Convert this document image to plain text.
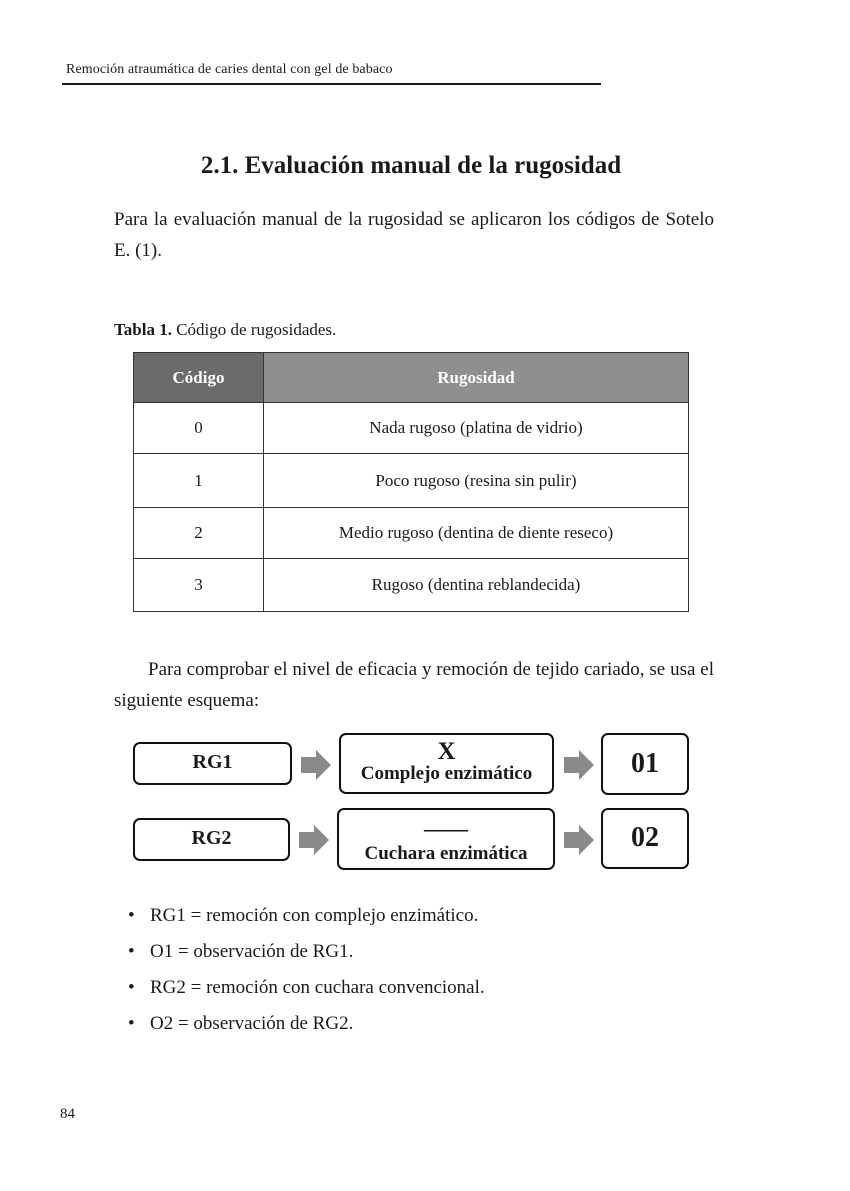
Remoción atraumática de caries dental con gel de babaco
2.1. Evaluación manual de la rugosidad

Para la evaluación manual de la rugosidad se aplicaron los códigos de Sotelo E. (1).

Tabla 1. Código de rugosidades.
Código	Rugosidad
0	Nada rugoso (platina de vidrio)
1	Poco rugoso (resina sin pulir)
2	Medio rugoso (dentina de diente reseco)
3	Rugoso (dentina reblandecida)

Para comprobar el nivel de eficacia y remoción de tejido cariado, se usa el siguiente esquema:

RG1	X
Complejo enzimático	01
RG2	——
Cuchara enzimática
02
• RG1 = remoción con complejo enzimático.
• O1 = observación de RG1.
• RG2 = remoción con cuchara convencional.
• O2 = observación de RG2.
84
